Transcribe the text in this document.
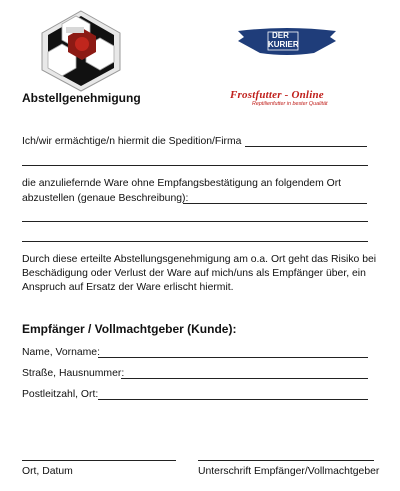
DER
KURIER
Frostfutter - Online
Reptilienfutter in bester Qualität
Abstellgenehmigung
Ich/wir ermächtige/n hiermit die Spedition/Firma
die anzuliefernde Ware ohne Empfangsbestätigung an folgendem Ort
abzustellen (genaue Beschreibung):
Durch diese erteilte Abstellungsgenehmigung am o.a. Ort geht das Risiko bei
Beschädigung oder Verlust der Ware auf mich/uns als Empfänger über, ein
Anspruch auf Ersatz der Ware erlischt hiermit.
Empfänger / Vollmachtgeber (Kunde):
Name, Vorname:
Straße, Hausnummer:
Postleitzahl, Ort:
Ort, Datum	Unterschrift Empfänger/Vollmachtgeber
